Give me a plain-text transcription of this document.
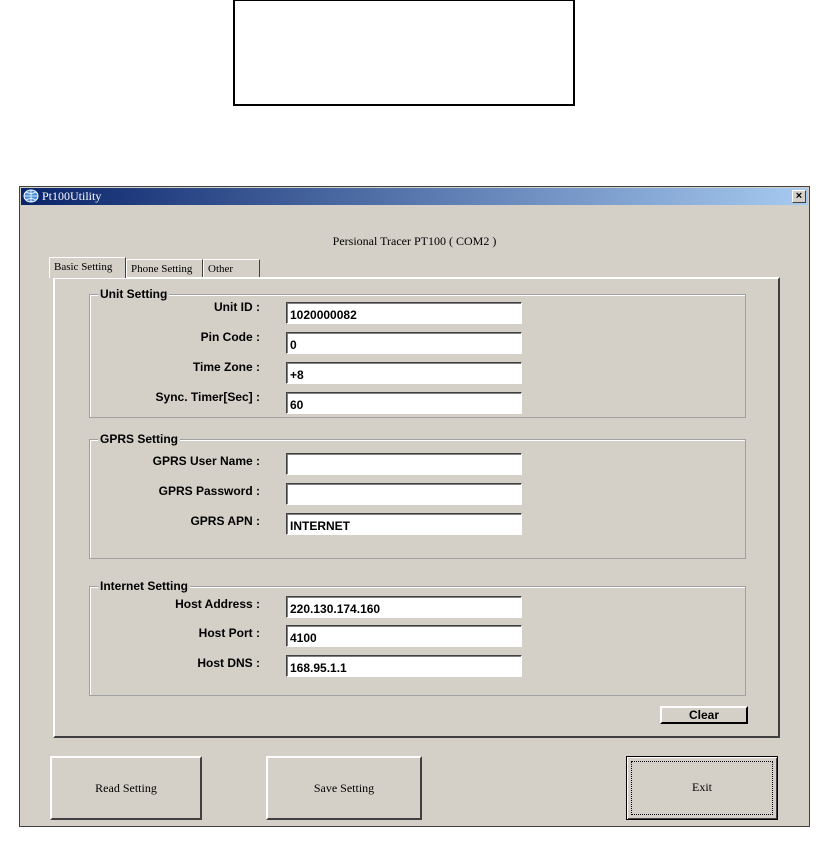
Pt100Utility	×
Persional Tracer PT100 ( COM2 )
Basic Setting	Phone Setting	Other
Unit Setting
Unit ID :
1020000082
Pin Code :
0
Time Zone :
+8
Sync. Timer[Sec] :
60
GPRS Setting
GPRS User Name :
GPRS Password :
GPRS APN :	INTERNET
Internet Setting
Host Address :	220.130.174.160
Host Port :	4100
Host DNS :	168.95.1.1
Clear
Read Setting	Save Setting	Exit
